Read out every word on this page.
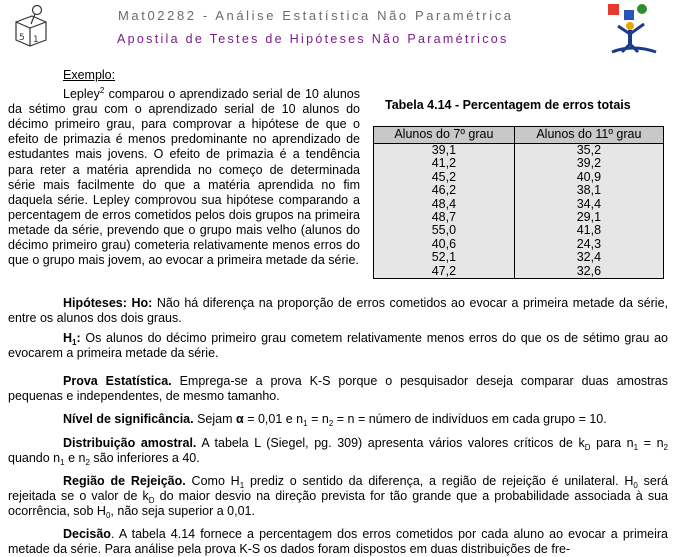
5 1
Mat02282 - Análise Estatística Não Paramétrica
Apostila de Testes de Hipóteses Não Paramétricos

Exemplo:

Lepley$^2$ comparou o aprendizado serial de 10 alunos da sétimo grau com o aprendizado serial de 10 alunos do décimo primeiro grau, para comprovar a hipótese de que o efeito de primazia é menos predominante no aprendizado de estudantes mais jovens. O efeito de primazia é a tendência para reter a matéria aprendida no começo de determinada série mais facilmente do que a matéria aprendida no fim daquela série. Lepley comprovou sua hipótese comparando a percentagem de erros cometidos pelos dois grupos na primeira metade da série, prevendo que o grupo mais velho (alunos do décimo primeiro grau) cometeria relativamente menos erros do que o grupo mais jovem, ao evocar a primeira metade da série.

Tabela 4.14 - Percentagem de erros totais
Alunos do 7º grau	Alunos do 11º grau
39,1	35,2
41,2	39,2
45,2	40,9
46,2	38,1
48,4	34,4
48,7	29,1
55,0	41,8
40,6	24,3
52,1	32,4
47,2	32,6

Hipóteses: Ho: Não há diferença na proporção de erros cometidos ao evocar a primeira metade da série, entre os alunos dos dois graus.

$H_1$: Os alunos do décimo primeiro grau cometem relativamente menos erros do que os de sétimo grau ao evocarem a primeira metade da série.

Prova Estatística. Emprega-se a prova K-S porque o pesquisador deseja comparar duas amostras pequenas e independentes, de mesmo tamanho.

Nível de significância. Sejam α = 0,01 e $n_1 = n_2 = n$ = número de indivíduos em cada grupo = 10.

Distribuição amostral. A tabela L (Siegel, pg. 309) apresenta vários valores críticos de $k_D$ para $n_1 = n_2$ quando $n_1$ e $n_2$ são inferiores a 40.

Região de Rejeição. Como $H_1$ prediz o sentido da diferença, a região de rejeição é unilateral. $H_0$ será rejeitada se o valor de $k_D$ do maior desvio na direção prevista for tão grande que a probabilidade associada à sua ocorrência, sob $H_0$, não seja superior a 0,01.

Decisão. A tabela 4.14 fornece a percentagem dos erros cometidos por cada aluno ao evocar a primeira metade da série. Para análise pela prova K-S os dados foram dispostos em duas distribuições de fre-
